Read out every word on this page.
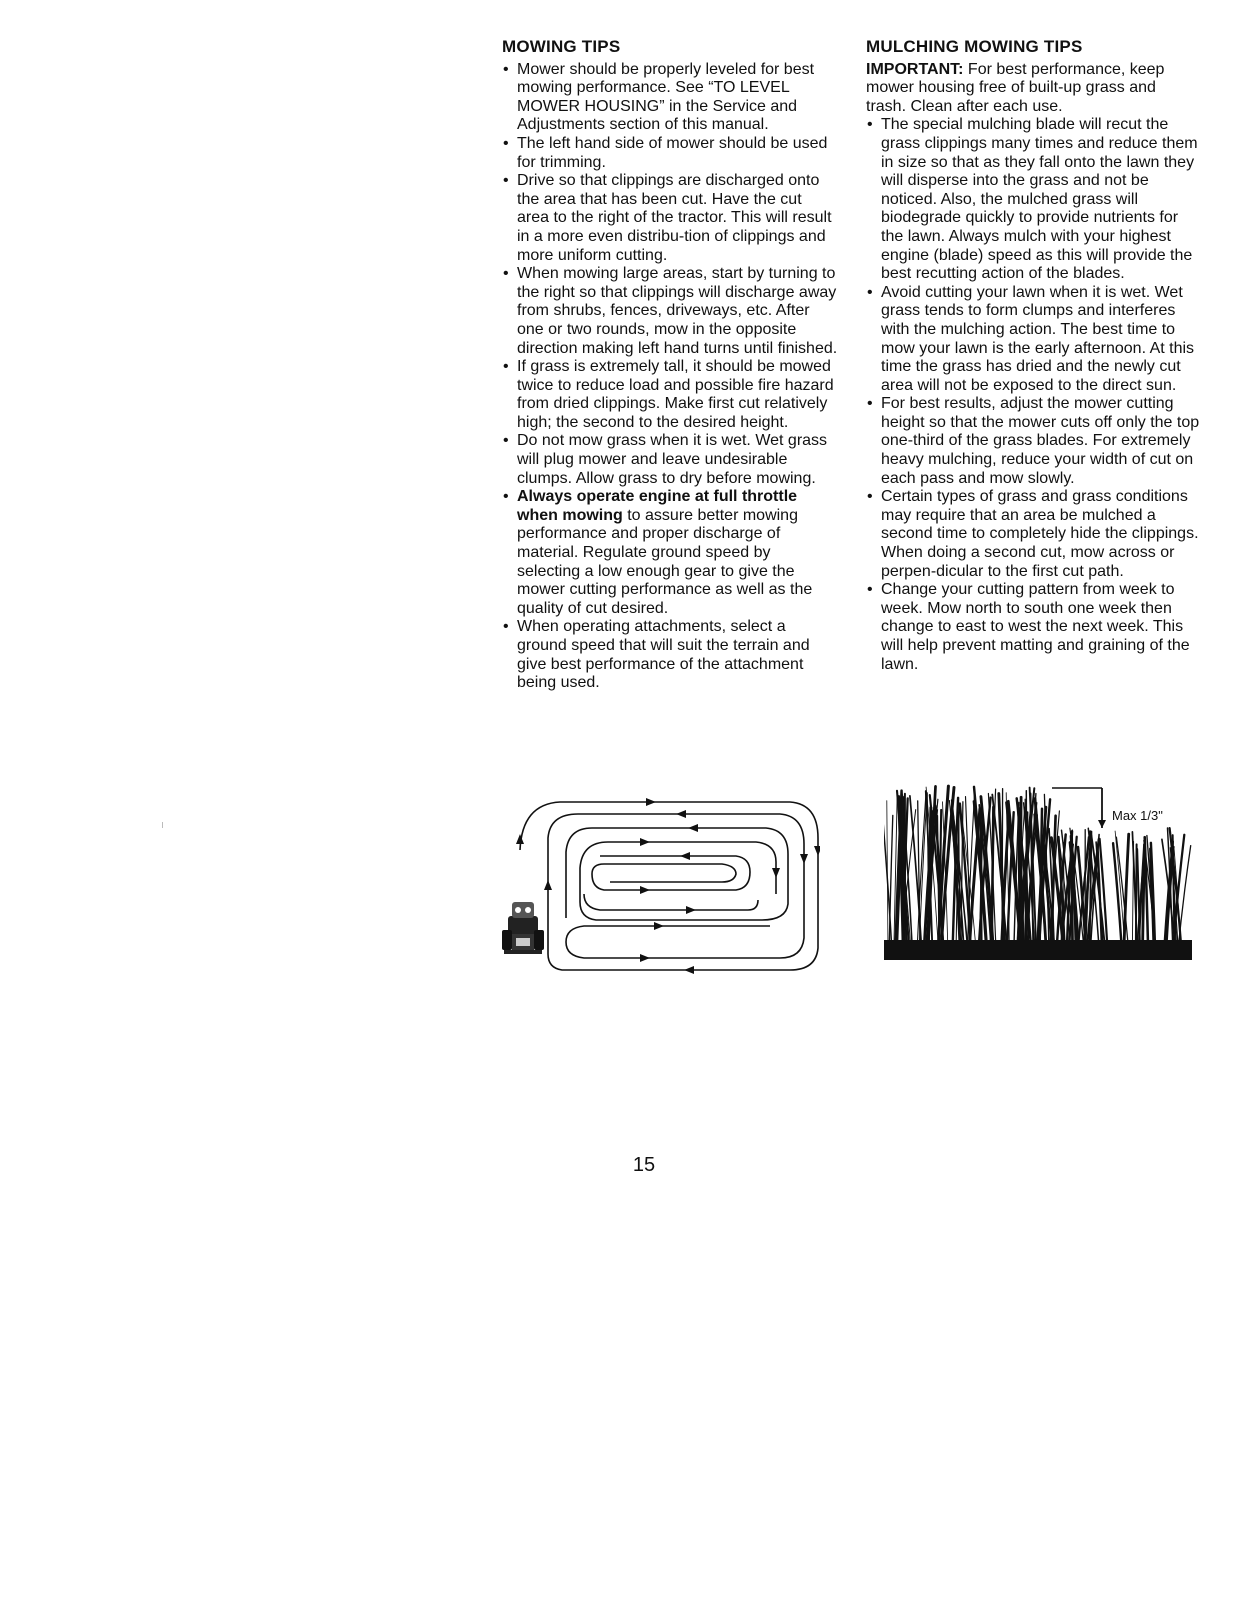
MOWING TIPS
• Mower should be properly leveled for best mowing performance. See “TO LEVEL MOWER HOUSING” in the Service and Adjustments section of this manual.
• The left hand side of mower should be used for trimming.
• Drive so that clippings are discharged onto the area that has been cut. Have the cut area to the right of the tractor. This will result in a more even distribu-tion of clippings and more uniform cutting.
• When mowing large areas, start by turning to the right so that clippings will discharge away from shrubs, fences, driveways, etc. After one or two rounds, mow in the opposite direction making left hand turns until finished.
• If grass is extremely tall, it should be mowed twice to reduce load and possible fire hazard from dried clippings. Make first cut relatively high; the second to the desired height.
• Do not mow grass when it is wet. Wet grass will plug mower and leave undesirable clumps. Allow grass to dry before mowing.
• Always operate engine at full throttle when mowing to assure better mowing performance and proper discharge of material. Regulate ground speed by selecting a low enough gear to give the mower cutting performance as well as the quality of cut desired.
• When operating attachments, select a ground speed that will suit the terrain and give best performance of the attachment being used.
MULCHING MOWING TIPS

IMPORTANT: For best performance, keep mower housing free of built-up grass and trash. Clean after each use.

• The special mulching blade will recut the grass clippings many times and reduce them in size so that as they fall onto the lawn they will disperse into the grass and not be noticed. Also, the mulched grass will biodegrade quickly to provide nutrients for the lawn. Always mulch with your highest engine (blade) speed as this will provide the best recutting action of the blades.
• Avoid cutting your lawn when it is wet. Wet grass tends to form clumps and interferes with the mulching action. The best time to mow your lawn is the early afternoon. At this time the grass has dried and the newly cut area will not be exposed to the direct sun.
• For best results, adjust the mower cutting height so that the mower cuts off only the top one-third of the grass blades. For extremely heavy mulching, reduce your width of cut on each pass and mow slowly.
• Certain types of grass and grass conditions may require that an area be mulched a second time to completely hide the clippings. When doing a second cut, mow across or perpen-dicular to the first cut path.
• Change your cutting pattern from week to week. Mow north to south one week then change to east to west the next week. This will help prevent matting and graining of the lawn.
Max 1/3"
15
